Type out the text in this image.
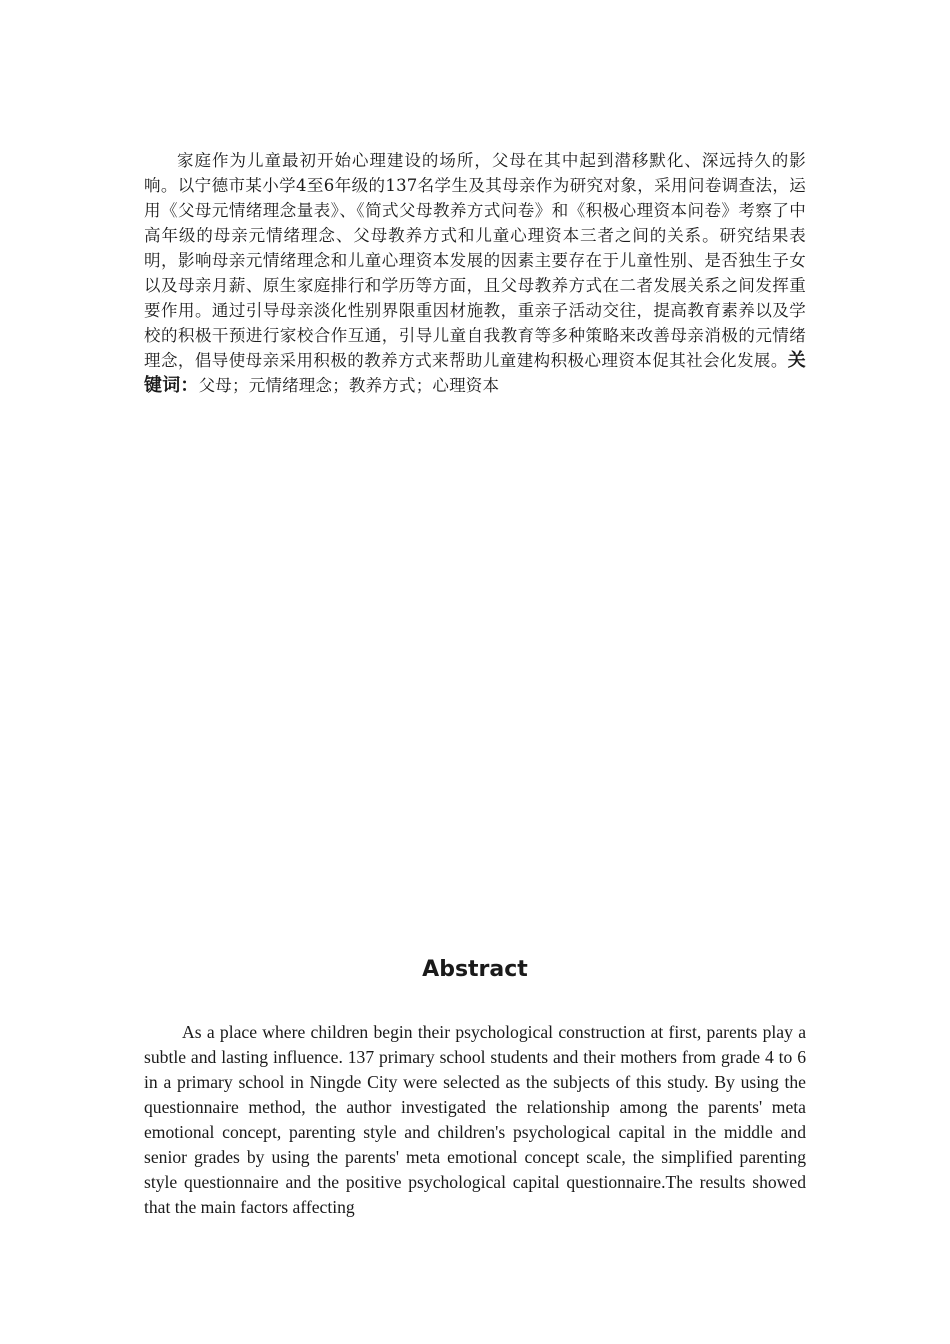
家庭作为儿童最初开始心理建设的场所，父母在其中起到潜移默化、深远持久的影响。以宁德市某小学4至6年级的137名学生及其母亲作为研究对象，采用问卷调查法，运用《父母元情绪理念量表》、《简式父母教养方式问卷》和《积极心理资本问卷》考察了中高年级的母亲元情绪理念、父母教养方式和儿童心理资本三者之间的关系。研究结果表明，影响母亲元情绪理念和儿童心理资本发展的因素主要存在于儿童性别、是否独生子女以及母亲月薪、原生家庭排行和学历等方面，且父母教养方式在二者发展关系之间发挥重要作用。通过引导母亲淡化性别界限重因材施教，重亲子活动交往，提高教育素养以及学校的积极干预进行家校合作互通，引导儿童自我教育等多种策略来改善母亲消极的元情绪理念，倡导使母亲采用积极的教养方式来帮助儿童建构积极心理资本促其社会化发展。关键词：父母；元情绪理念；教养方式；心理资本

Abstract

As a place where children begin their psychological construction at first, parents play a subtle and lasting influence. 137 primary school students and their mothers from grade 4 to 6 in a primary school in Ningde City were selected as the subjects of this study. By using the questionnaire method, the author investigated the relationship among the parents' meta emotional concept, parenting style and children's psychological capital in the middle and senior grades by using the parents' meta emotional concept scale, the simplified parenting style questionnaire and the positive psychological capital questionnaire.The results showed that the main factors affecting
